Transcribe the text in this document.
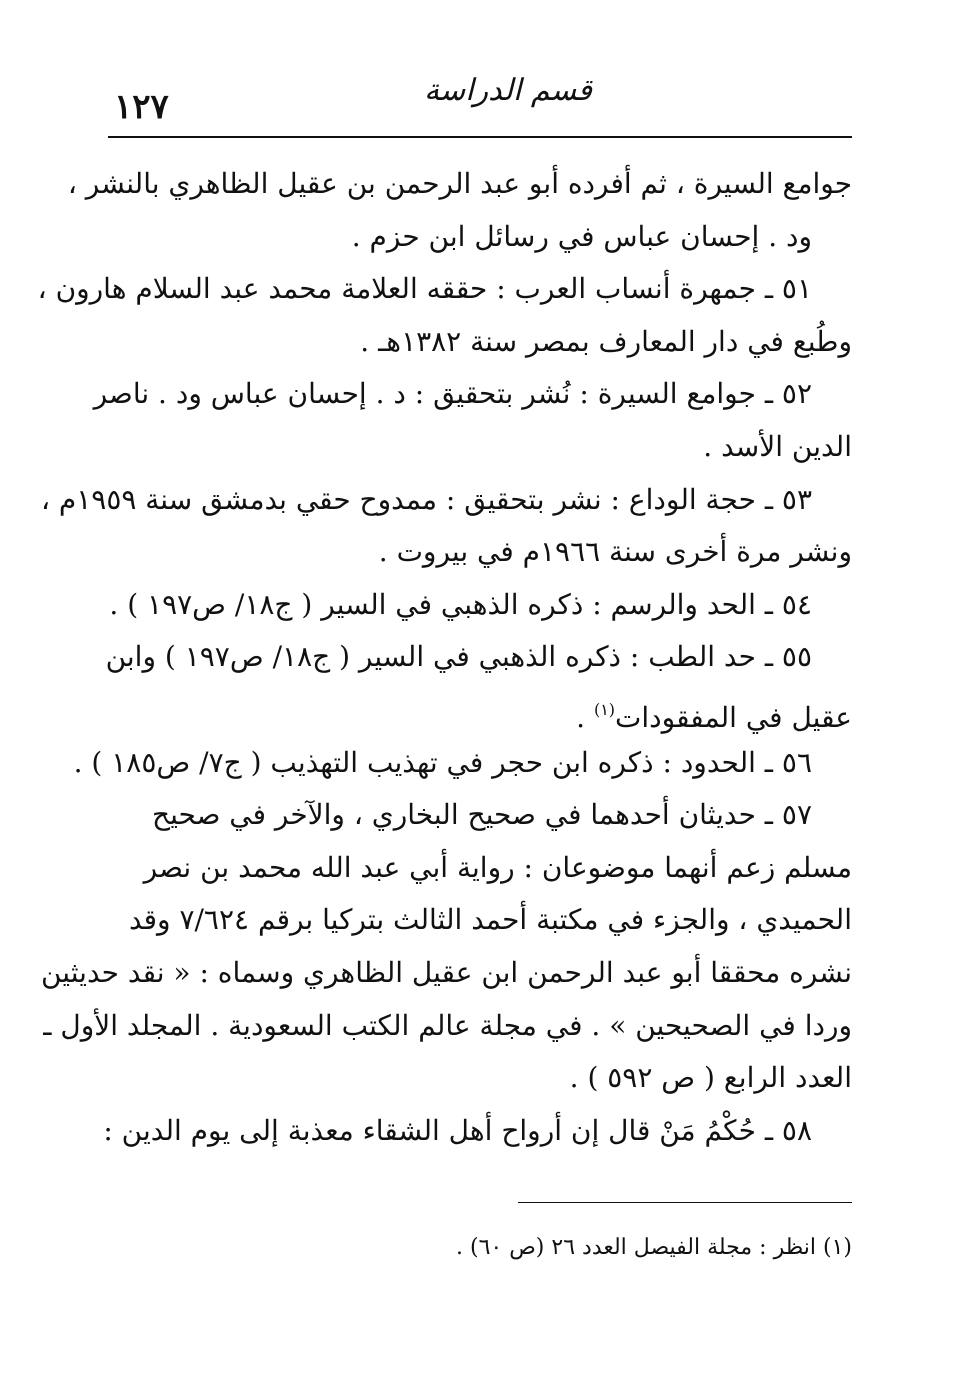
١٢٧	قسم الدراسة
جوامع السيرة ، ثم أفرده أبو عبد الرحمن بن عقيل الظاهري بالنشر ،
ود . إحسان عباس في رسائل ابن حزم .
٥١ ـ جمهرة أنساب العرب : حققه العلامة محمد عبد السلام هارون ،
وطُبع في دار المعارف بمصر سنة ١٣٨٢هـ .
٥٢ ـ جوامع السيرة : نُشر بتحقيق : د . إحسان عباس ود . ناصر
الدين الأسد .
٥٣ ـ حجة الوداع : نشر بتحقيق : ممدوح حقي بدمشق سنة ١٩٥٩م ،
ونشر مرة أخرى سنة ١٩٦٦م في بيروت .
٥٤ ـ الحد والرسم : ذكره الذهبي في السير ( ج١٨/ ص١٩٧ ) .
٥٥ ـ حد الطب : ذكره الذهبي في السير ( ج١٨/ ص١٩٧ ) وابن
عقيل في المفقودات$^{(١)}$ .
٥٦ ـ الحدود : ذكره ابن حجر في تهذيب التهذيب ( ج٧/ ص١٨٥ ) .
٥٧ ـ حديثان أحدهما في صحيح البخاري ، والآخر في صحيح
مسلم زعم أنهما موضوعان : رواية أبي عبد الله محمد بن نصر
الحميدي ، والجزء في مكتبة أحمد الثالث بتركيا برقم ٧/٦٢٤ وقد
نشره محققا أبو عبد الرحمن ابن عقيل الظاهري وسماه : « نقد حديثين
وردا في الصحيحين » . في مجلة عالم الكتب السعودية . المجلد الأول ـ
العدد الرابع ( ص ٥٩٢ ) .
٥٨ ـ حُكْمُ مَنْ قال إن أرواح أهل الشقاء معذبة إلى يوم الدين :
(١) انظر : مجلة الفيصل العدد ٢٦ (ص ٦٠) .
